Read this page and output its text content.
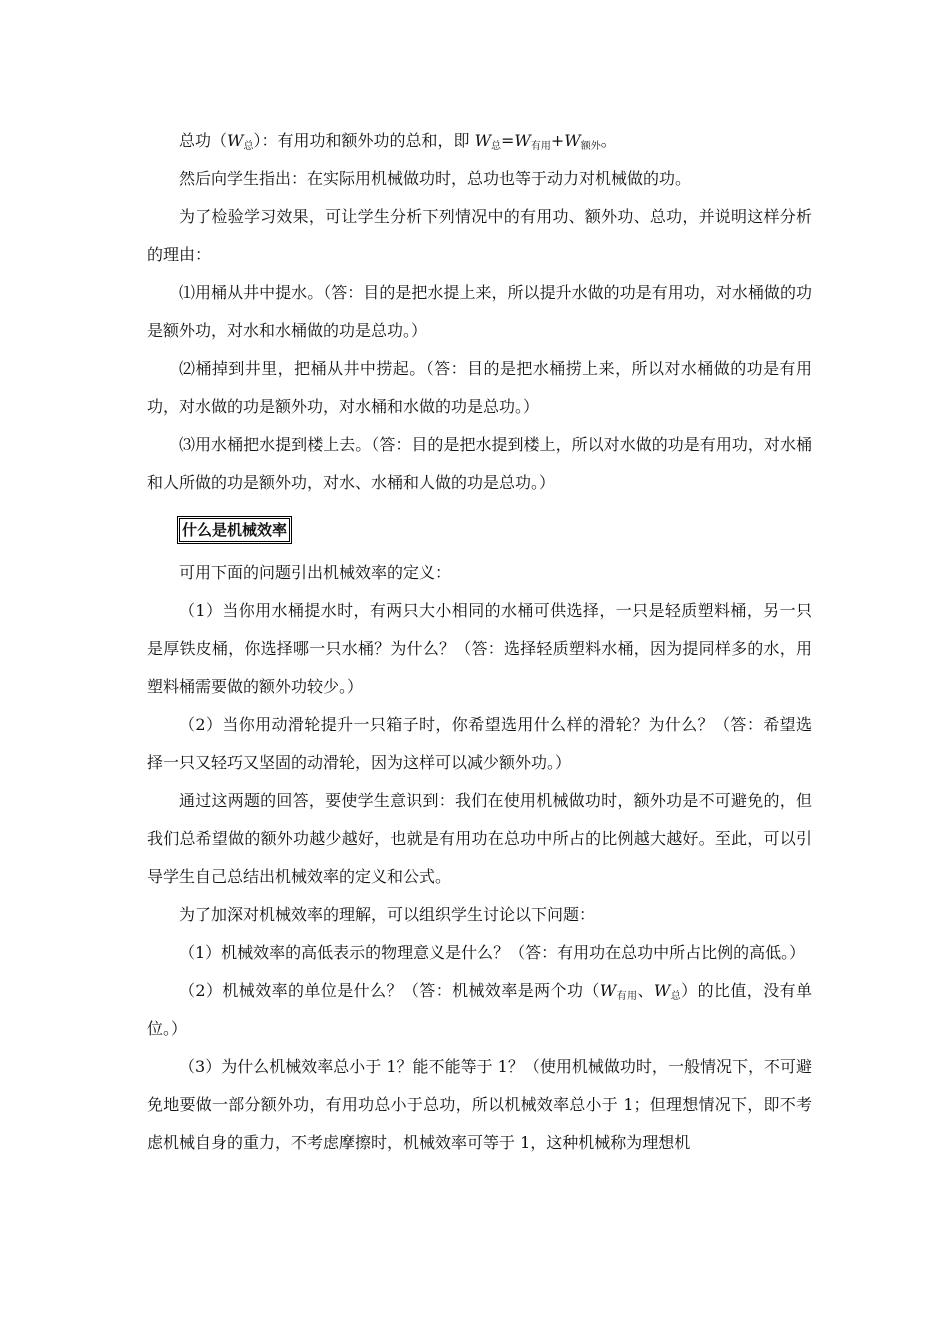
总功$(W_总)$：有用功和额外功的总和，即 $W_总=W_{有用}+W_{额外}$。

然后向学生指出：在实际用机械做功时，总功也等于动力对机械做的功。

为了检验学习效果，可让学生分析下列情况中的有用功、额外功、总功，并说明这样分析的理由：

⑴用桶从井中提水。（答：目的是把水提上来，所以提升水做的功是有用功，对水桶做的功是额外功，对水和水桶做的功是总功。）

⑵桶掉到井里，把桶从井中捞起。（答：目的是把水桶捞上来，所以对水桶做的功是有用功，对水做的功是额外功，对水桶和水做的功是总功。）

⑶用水桶把水提到楼上去。（答：目的是把水提到楼上，所以对水做的功是有用功，对水桶和人所做的功是额外功，对水、水桶和人做的功是总功。）

什么是机械效率

可用下面的问题引出机械效率的定义：

（1）当你用水桶提水时，有两只大小相同的水桶可供选择，一只是轻质塑料桶，另一只是厚铁皮桶，你选择哪一只水桶？为什么？（答：选择轻质塑料水桶，因为提同样多的水，用塑料桶需要做的额外功较少。）

（2）当你用动滑轮提升一只箱子时，你希望选用什么样的滑轮？为什么？（答：希望选择一只又轻巧又坚固的动滑轮，因为这样可以减少额外功。）

通过这两题的回答，要使学生意识到：我们在使用机械做功时，额外功是不可避免的，但我们总希望做的额外功越少越好，也就是有用功在总功中所占的比例越大越好。至此，可以引导学生自己总结出机械效率的定义和公式。

为了加深对机械效率的理解，可以组织学生讨论以下问题：

（1）机械效率的高低表示的物理意义是什么？（答：有用功在总功中所占比例的高低。）

（2）机械效率的单位是什么？（答：机械效率是两个功（$W_{有用}$、$W_总$）的比值，没有单位。）

（3）为什么机械效率总小于 1？能不能等于 1？（使用机械做功时，一般情况下，不可避免地要做一部分额外功，有用功总小于总功，所以机械效率总小于 1；但理想情况下，即不考虑机械自身的重力，不考虑摩擦时，机械效率可等于 1，这种机械称为理想机
